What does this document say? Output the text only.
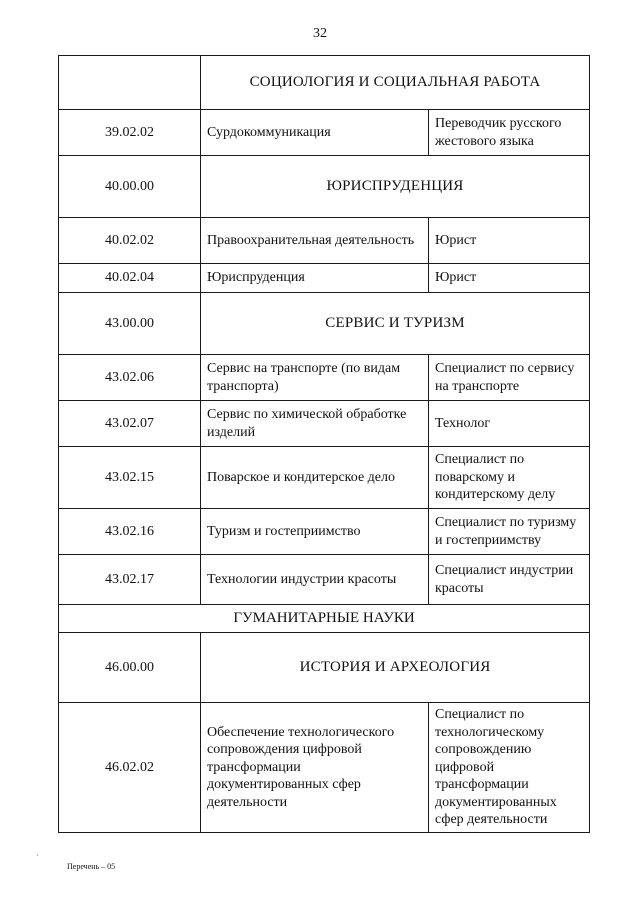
32
	СОЦИОЛОГИЯ И СОЦИАЛЬНАЯ РАБОТА	
39.02.02	Сурдокоммуникация	Переводчик русского жестового языка
40.00.00	ЮРИСПРУДЕНЦИЯ	
40.02.02	Правоохранительная деятельность	Юрист
40.02.04	Юриспруденция	Юрист
43.00.00	СЕРВИС И ТУРИЗМ	
43.02.06	Сервис на транспорте (по видам транспорта)	Специалист по сервису на транспорте
43.02.07	Сервис по химической обработке изделий	Технолог
43.02.15	Поварское и кондитерское дело	Специалист по поварскому и кондитерскому делу
43.02.16	Туризм и гостеприимство	Специалист по туризму и гостеприимству
43.02.17	Технологии индустрии красоты	Специалист индустрии красоты
ГУМАНИТАРНЫЕ НАУКИ		
46.00.00	ИСТОРИЯ И АРХЕОЛОГИЯ	
46.02.02	Обеспечение технологического сопровождения цифровой трансформации документированных сфер деятельности	Специалист по технологическому сопровождению цифровой трансформации документированных сфер деятельности
ˏ
Перечень – 05
